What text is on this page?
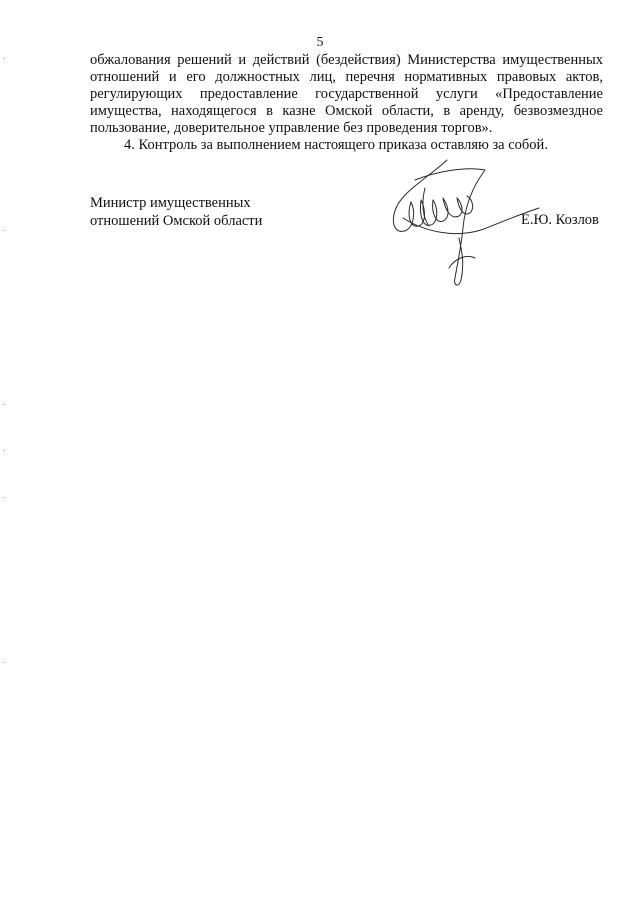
5

обжалования решений и действий (бездействия) Министерства имущественных отношений и его должностных лиц, перечня нормативных правовых актов, регулирующих предоставление государственной услуги «Предоставление имущества, находящегося в казне Омской области, в аренду, безвозмездное пользование, доверительное управление без проведения торгов».

4. Контроль за выполнением настоящего приказа оставляю за собой.

Министр имущественных
отношений Омской области	Е.Ю. Козлов
